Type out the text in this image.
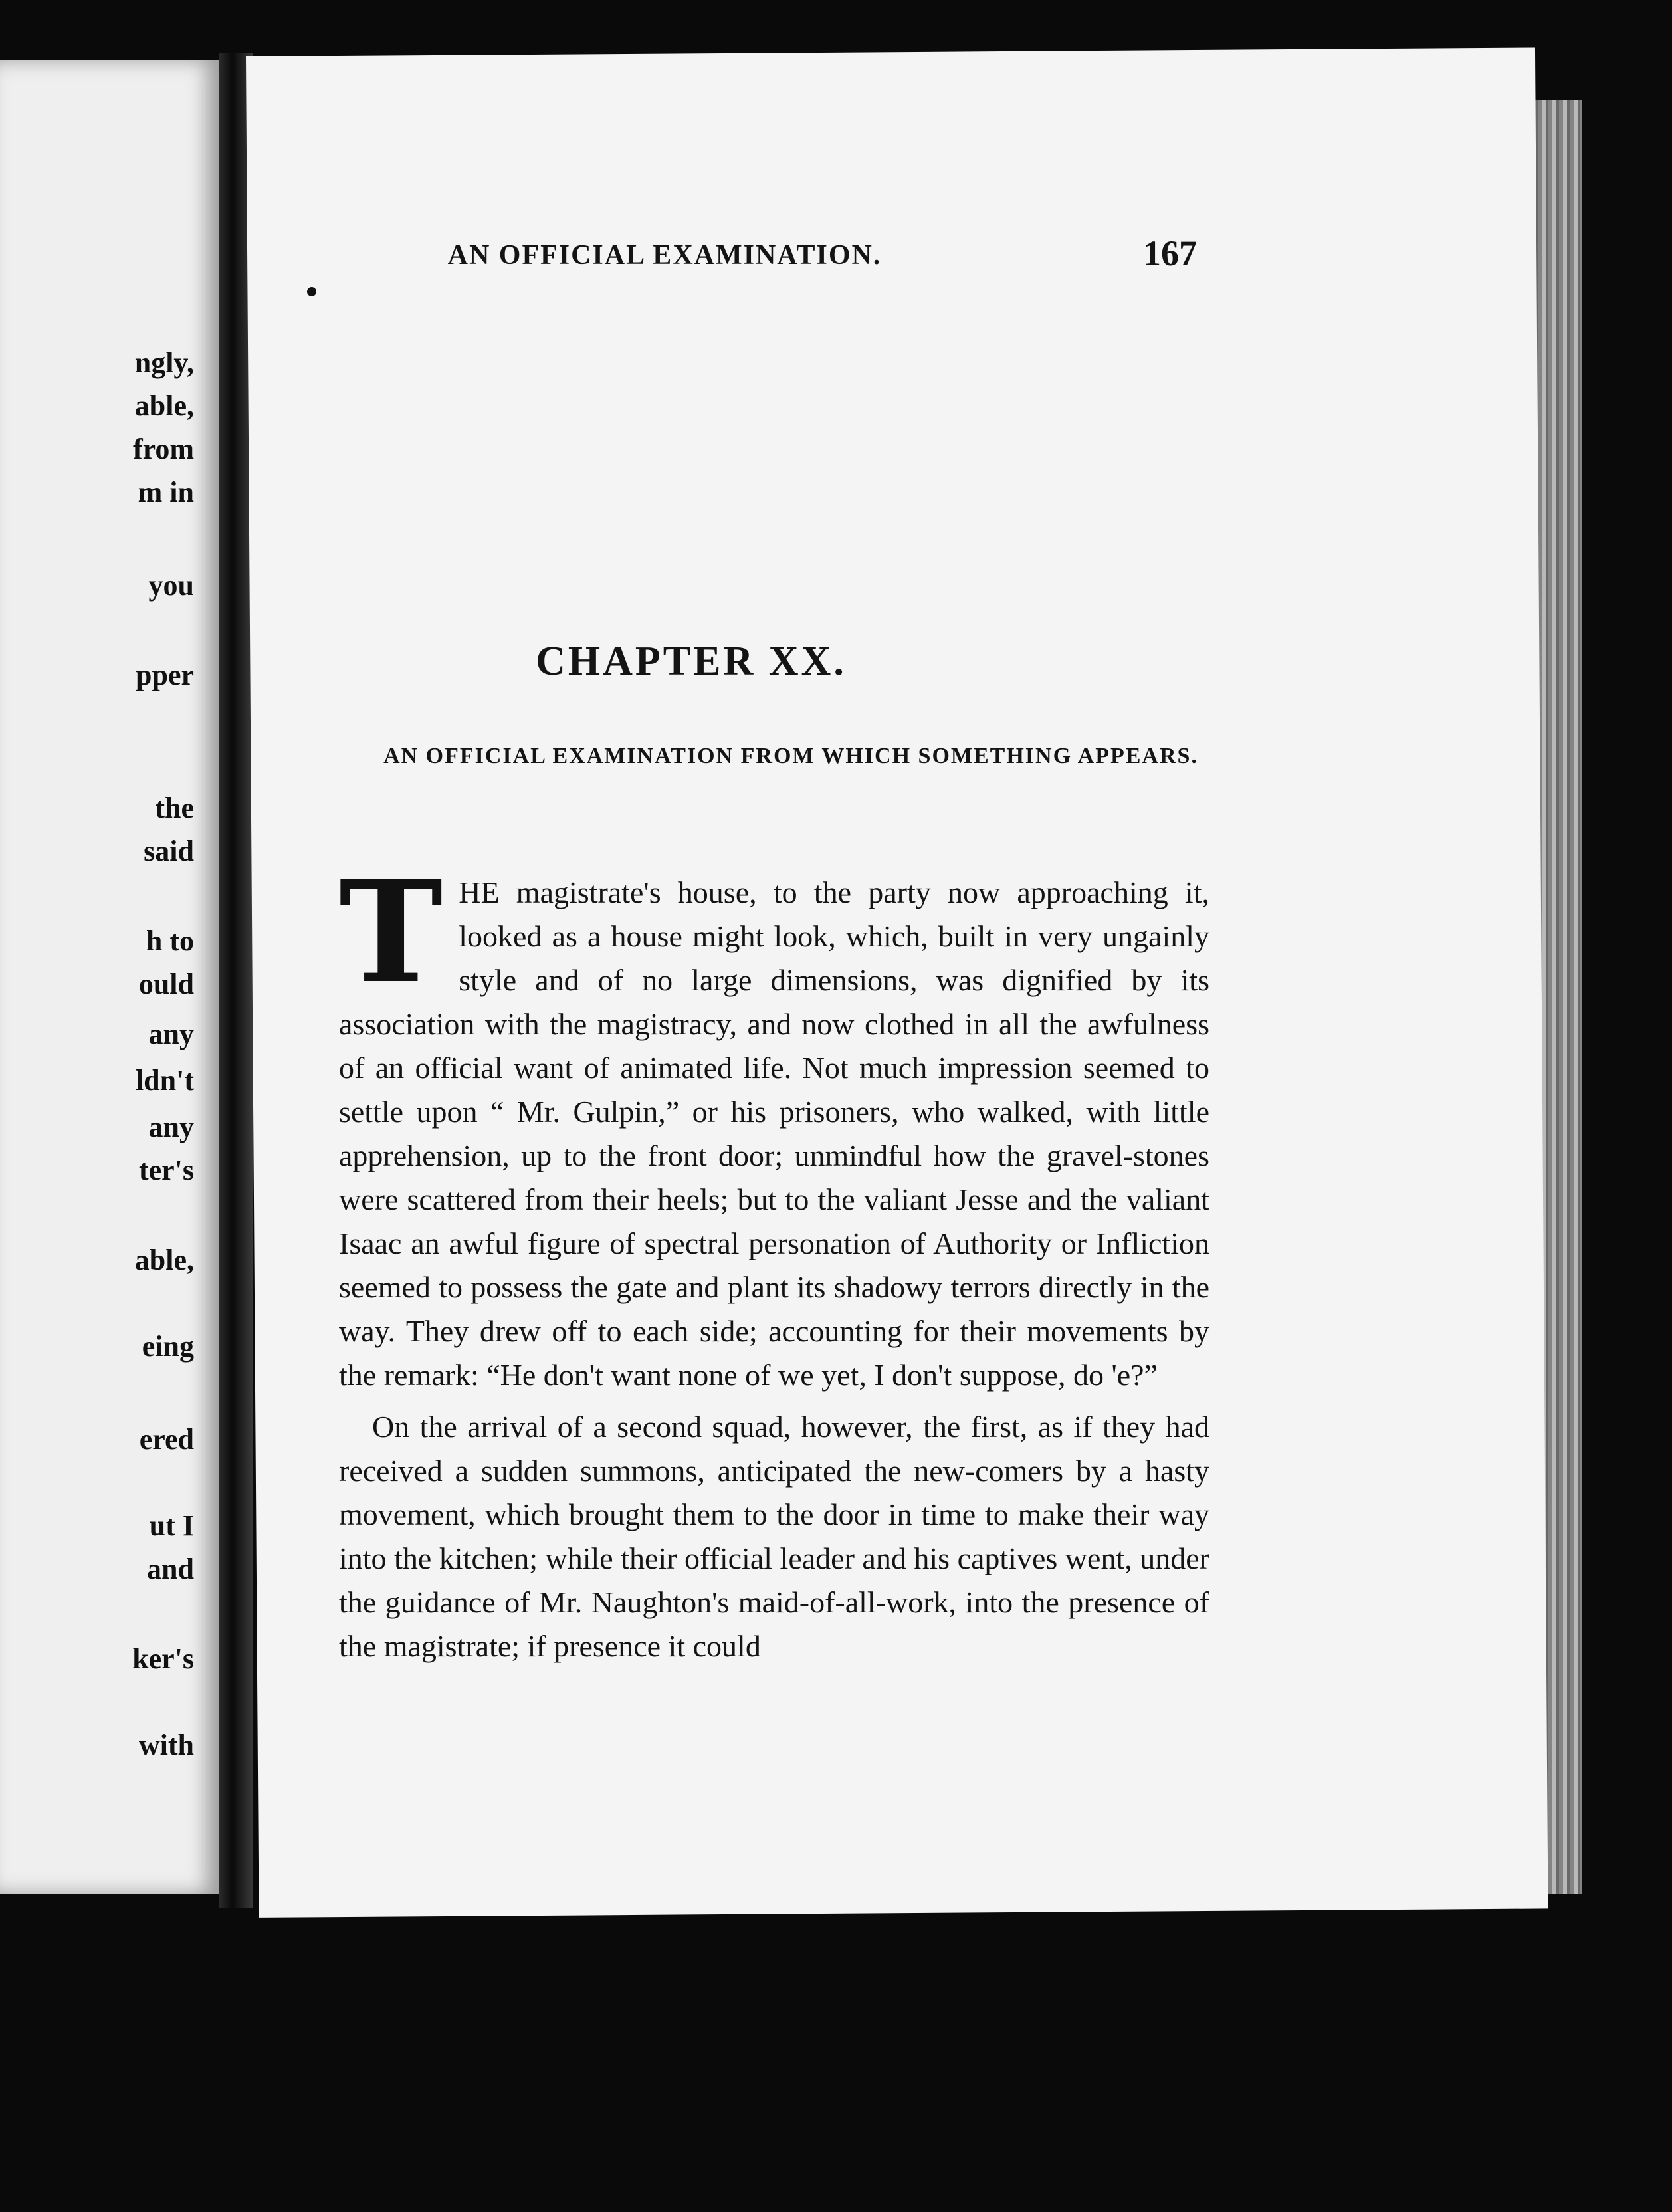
ngly,
able,
from
m in
you
pper
the
said
h to
ould
any
ldn't
any
ter's
able,
eing
ered
ut I
and
ker's
with
AN OFFICIAL EXAMINATION.	167
CHAPTER XX.
AN OFFICIAL EXAMINATION FROM WHICH SOMETHING APPEARS.

T HE magistrate's house, to the party now approaching it, looked as a house might look, which, built in very ungainly style and of no large dimensions, was dignified by its association with the magistracy, and now clothed in all the awfulness of an official want of animated life. Not much impression seemed to settle upon “ Mr. Gulpin,” or his prisoners, who walked, with little apprehension, up to the front door; unmindful how the gravel-stones were scattered from their heels; but to the valiant Jesse and the valiant Isaac an awful figure of spectral personation of Authority or Infliction seemed to possess the gate and plant its shadowy terrors directly in the way. They drew off to each side; accounting for their movements by the remark: “He don't want none of we yet, I don't suppose, do 'e?”

On the arrival of a second squad, however, the first, as if they had received a sudden summons, anticipated the new-comers by a hasty movement, which brought them to the door in time to make their way into the kitchen; while their official leader and his captives went, under the guidance of Mr. Naughton's maid-of-all-work, into the presence of the magistrate; if presence it could
